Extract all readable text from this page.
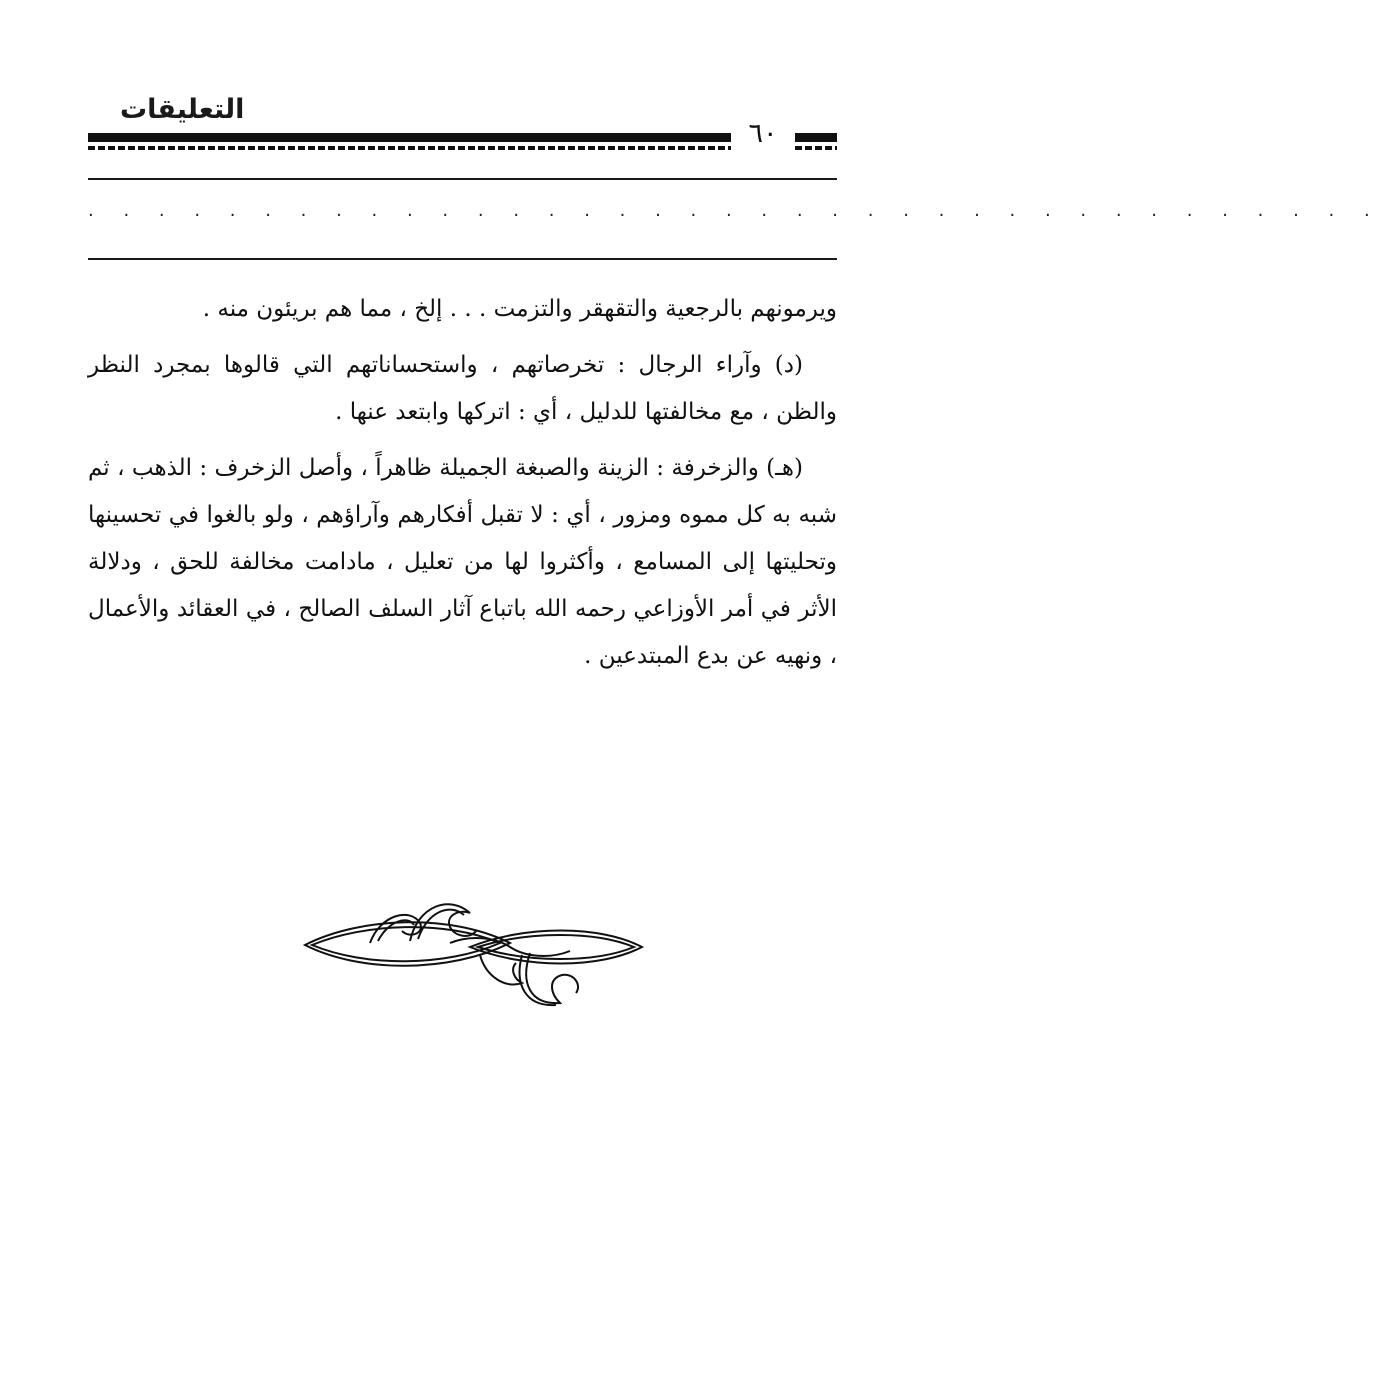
التعليقات
٦٠
. . . . . . . . . . . . . . . . . . . . . . . . . . . . . . . . . . . . .

ويرمونهم بالرجعية والتقهقر والتزمت . . . إلخ ، مما هم بريئون منه .

(د) وآراء الرجال : تخرصاتهم ، واستحساناتهم التي قالوها بمجرد النظر والظن ، مع مخالفتها للدليل ، أي : اتركها وابتعد عنها .

(هـ) والزخرفة : الزينة والصبغة الجميلة ظاهراً ، وأصل الزخرف : الذهب ، ثم شبه به كل مموه ومزور ، أي : لا تقبل أفكارهم وآراؤهم ، ولو بالغوا في تحسينها وتحليتها إلى المسامع ، وأكثروا لها من تعليل ، مادامت مخالفة للحق ، ودلالة الأثر في أمر الأوزاعي رحمه الله باتباع آثار السلف الصالح ، في العقائد والأعمال ، ونهيه عن بدع المبتدعين .
